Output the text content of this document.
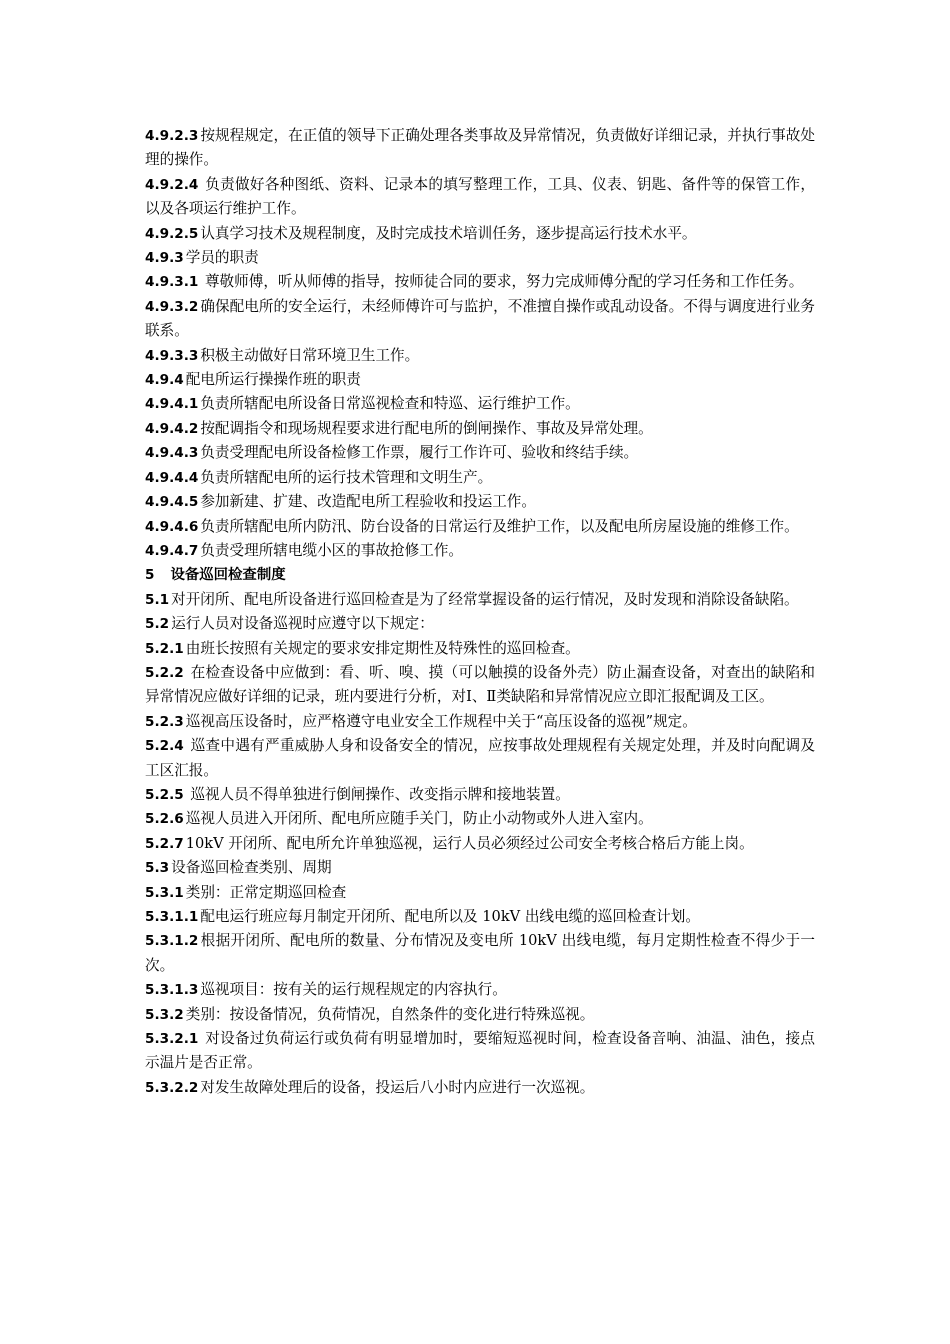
4.9.2.3 按规程规定，在正值的领导下正确处理各类事故及异常情况，负责做好详细记录，并执行事故处理的操作。

4.9.2.4 负责做好各种图纸、资料、记录本的填写整理工作，工具、仪表、钥匙、备件等的保管工作，以及各项运行维护工作。

4.9.2.5 认真学习技术及规程制度，及时完成技术培训任务，逐步提高运行技术水平。

4.9.3 学员的职责

4.9.3.1 尊敬师傅，听从师傅的指导，按师徒合同的要求，努力完成师傅分配的学习任务和工作任务。

4.9.3.2 确保配电所的安全运行，未经师傅许可与监护，不准擅自操作或乱动设备。不得与调度进行业务联系。

4.9.3.3 积极主动做好日常环境卫生工作。

4.9.4 配电所运行操操作班的职责

4.9.4.1 负责所辖配电所设备日常巡视检查和特巡、运行维护工作。

4.9.4.2 按配调指令和现场规程要求进行配电所的倒闸操作、事故及异常处理。

4.9.4.3 负责受理配电所设备检修工作票，履行工作许可、验收和终结手续。

4.9.4.4 负责所辖配电所的运行技术管理和文明生产。

4.9.4.5 参加新建、扩建、改造配电所工程验收和投运工作。

4.9.4.6 负责所辖配电所内防汛、防台设备的日常运行及维护工作，以及配电所房屋设施的维修工作。

4.9.4.7 负责受理所辖电缆小区的事故抢修工作。

5 设备巡回检查制度

5.1 对开闭所、配电所设备进行巡回检查是为了经常掌握设备的运行情况，及时发现和消除设备缺陷。

5.2 运行人员对设备巡视时应遵守以下规定：

5.2.1 由班长按照有关规定的要求安排定期性及特殊性的巡回检查。

5.2.2 在检查设备中应做到：看、听、嗅、摸（可以触摸的设备外壳）防止漏查设备，对查出的缺陷和异常情况应做好详细的记录，班内要进行分析，对Ⅰ、Ⅱ类缺陷和异常情况应立即汇报配调及工区。

5.2.3 巡视高压设备时，应严格遵守电业安全工作规程中关于“高压设备的巡视”规定。

5.2.4 巡查中遇有严重威胁人身和设备安全的情况，应按事故处理规程有关规定处理，并及时向配调及工区汇报。

5.2.5 巡视人员不得单独进行倒闸操作、改变指示牌和接地装置。

5.2.6 巡视人员进入开闭所、配电所应随手关门，防止小动物或外人进入室内。

5.2.7 10kV 开闭所、配电所允许单独巡视，运行人员必须经过公司安全考核合格后方能上岗。

5.3 设备巡回检查类别、周期

5.3.1 类别：正常定期巡回检查

5.3.1.1 配电运行班应每月制定开闭所、配电所以及 10kV 出线电缆的巡回检查计划。

5.3.1.2 根据开闭所、配电所的数量、分布情况及变电所 10kV 出线电缆，每月定期性检查不得少于一次。

5.3.1.3 巡视项目：按有关的运行规程规定的内容执行。

5.3.2 类别：按设备情况，负荷情况，自然条件的变化进行特殊巡视。

5.3.2.1 对设备过负荷运行或负荷有明显增加时，要缩短巡视时间，检查设备音响、油温、油色，接点示温片是否正常。

5.3.2.2 对发生故障处理后的设备，投运后八小时内应进行一次巡视。
